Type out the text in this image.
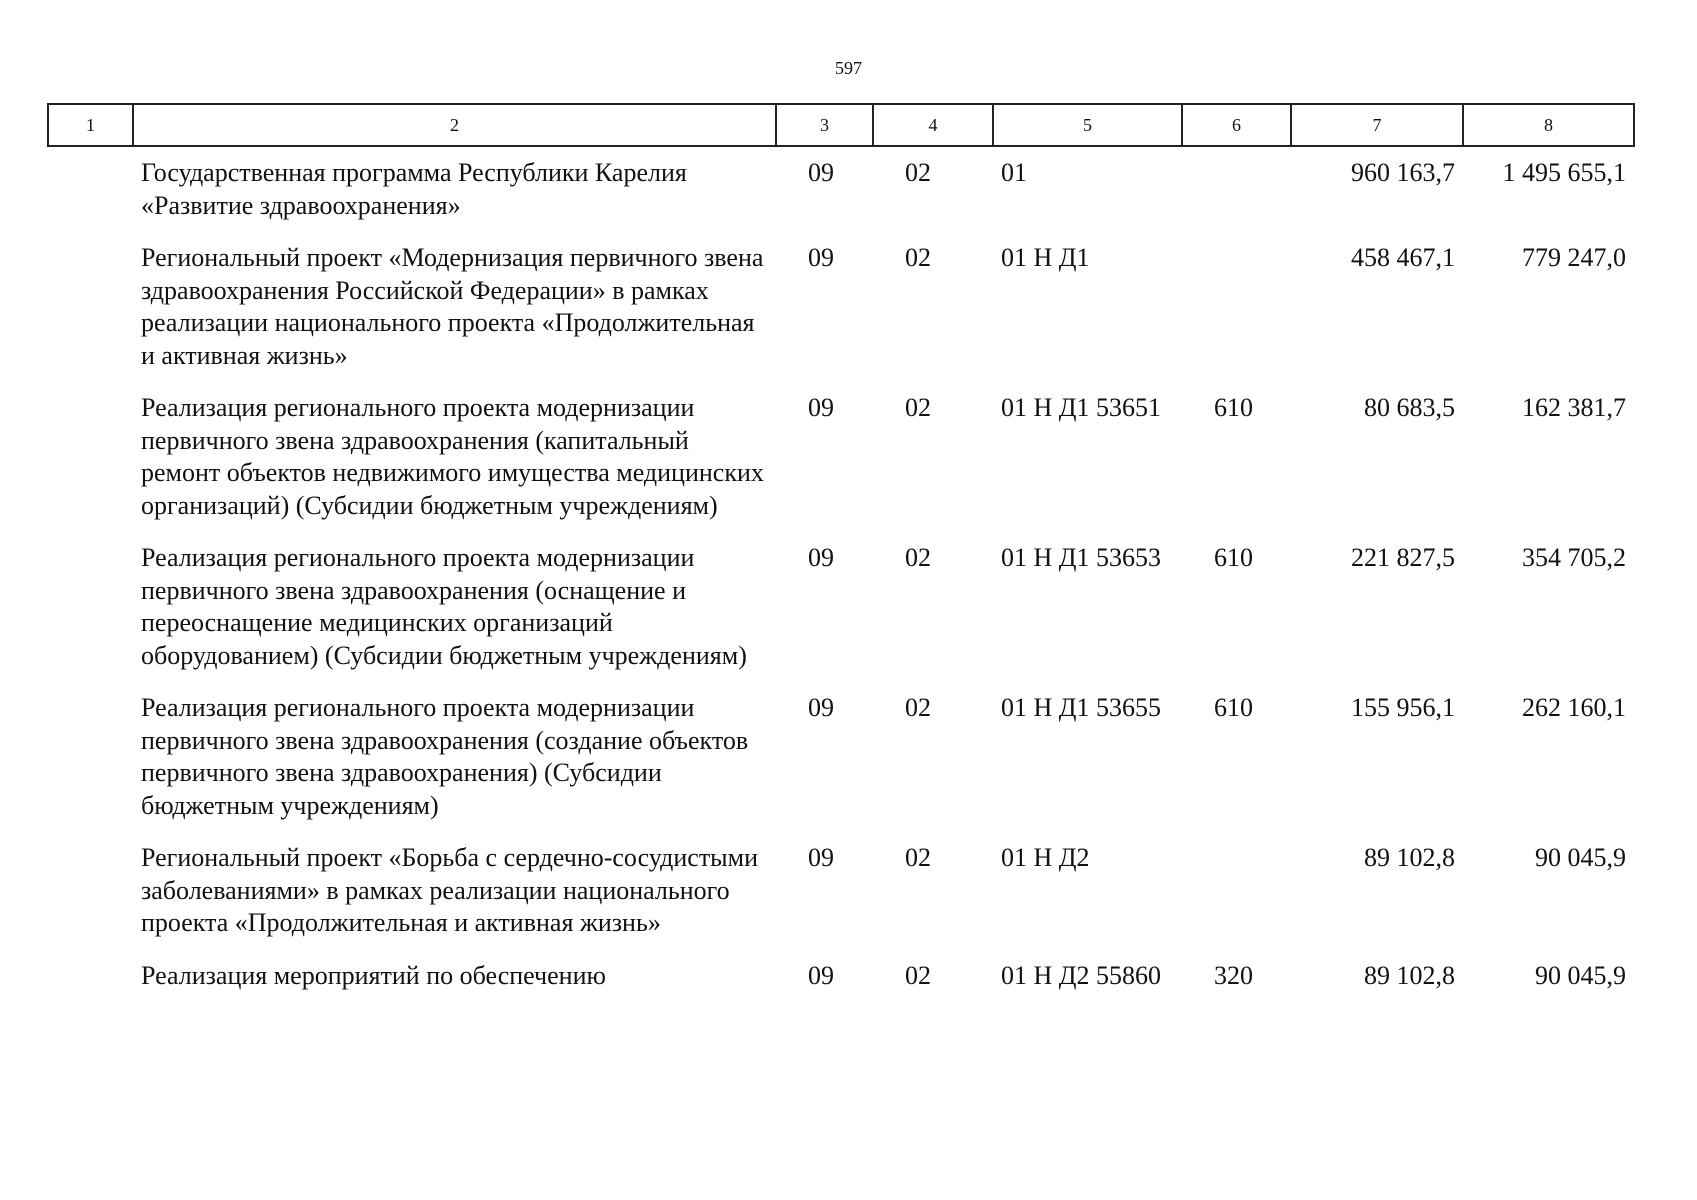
597
1	2	3	4	5	6	7	8
	Государственная программа Республики Карелия «Развитие здравоохранения»	09	02	01		960 163,7	1 495 655,1
	Региональный проект «Модернизация первичного звена здравоохранения Российской Федерации» в рамках реализации национального проекта «Продолжительная и активная жизнь»	09	02	01 Н Д1		458 467,1	779 247,0
	Реализация регионального проекта модернизации первичного звена здравоохранения (капитальный ремонт объектов недвижимого имущества медицинских организаций) (Субсидии бюджетным учреждениям)	09	02	01 Н Д1 53651	610	80 683,5	162 381,7
	Реализация регионального проекта модернизации первичного звена здравоохранения (оснащение и переоснащение медицинских организаций оборудованием) (Субсидии бюджетным учреждениям)	09	02	01 Н Д1 53653	610	221 827,5	354 705,2
	Реализация регионального проекта модернизации первичного звена здравоохранения (создание объектов первичного звена здравоохранения) (Субсидии бюджетным учреждениям)	09	02	01 Н Д1 53655	610	155 956,1	262 160,1
	Региональный проект «Борьба с сердечно-сосудистыми заболеваниями» в рамках реализации национального проекта «Продолжительная и активная жизнь»	09	02	01 Н Д2		89 102,8	90 045,9
	Реализация мероприятий по обеспечению	09	02	01 Н Д2 55860	320	89 102,8	90 045,9
